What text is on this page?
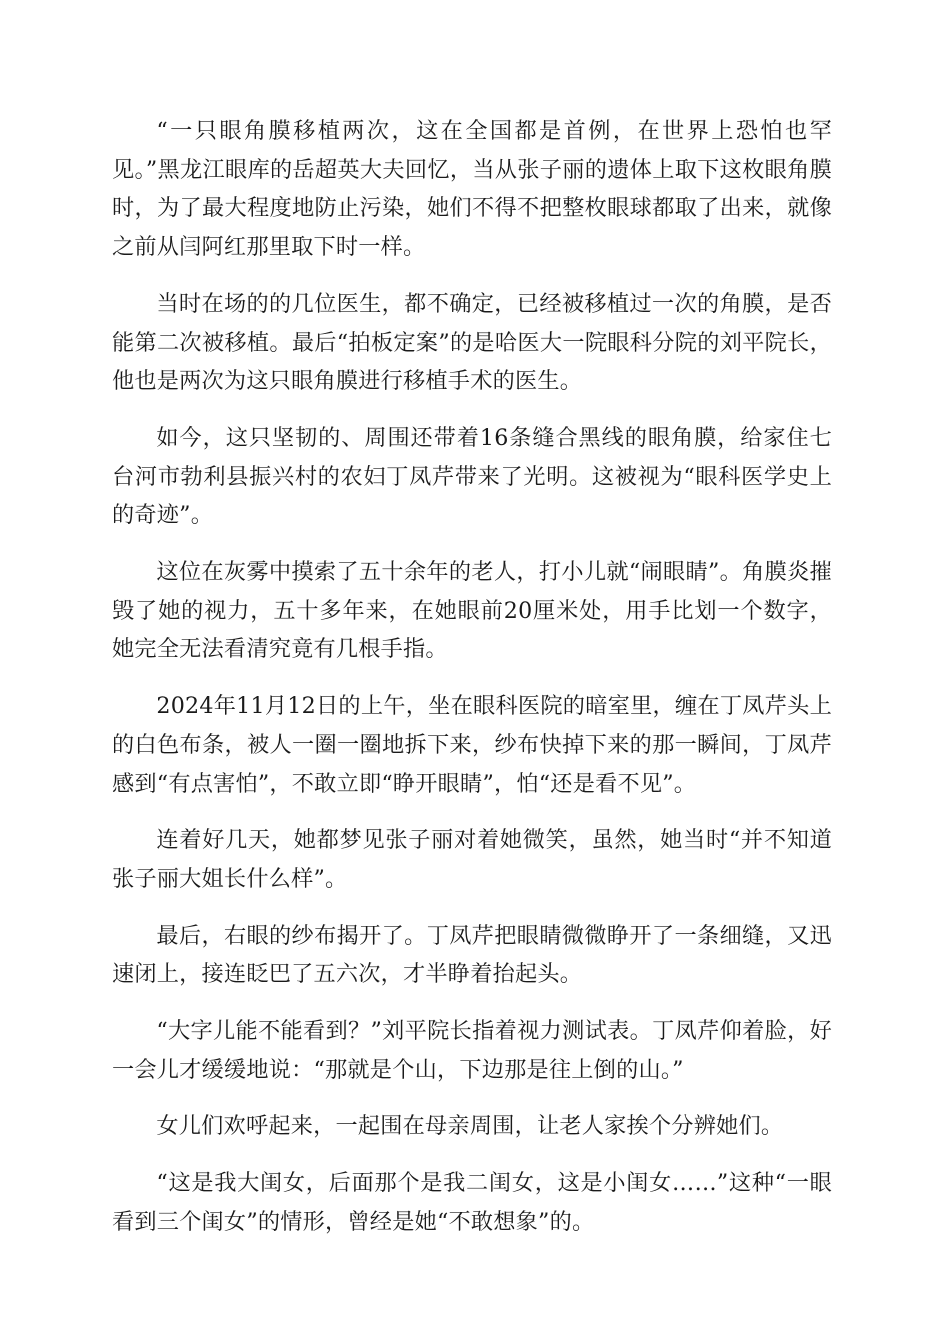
“一只眼角膜移植两次，这在全国都是首例，在世界上恐怕也罕见。”黑龙江眼库的岳超英大夫回忆，当从张子丽的遗体上取下这枚眼角膜时，为了最大程度地防止污染，她们不得不把整枚眼球都取了出来，就像之前从闫阿红那里取下时一样。

当时在场的的几位医生，都不确定，已经被移植过一次的角膜，是否能第二次被移植。最后“拍板定案”的是哈医大一院眼科分院的刘平院长，他也是两次为这只眼角膜进行移植手术的医生。

如今，这只坚韧的、周围还带着16条缝合黑线的眼角膜，给家住七台河市勃利县振兴村的农妇丁凤芹带来了光明。这被视为“眼科医学史上的奇迹”。

这位在灰雾中摸索了五十余年的老人，打小儿就“闹眼睛”。角膜炎摧毁了她的视力，五十多年来，在她眼前20厘米处，用手比划一个数字，她完全无法看清究竟有几根手指。

2024年11月12日的上午，坐在眼科医院的暗室里，缠在丁凤芹头上的白色布条，被人一圈一圈地拆下来，纱布快掉下来的那一瞬间，丁凤芹感到“有点害怕”，不敢立即“睁开眼睛”，怕“还是看不见”。

连着好几天，她都梦见张子丽对着她微笑，虽然，她当时“并不知道张子丽大姐长什么样”。

最后，右眼的纱布揭开了。丁凤芹把眼睛微微睁开了一条细缝，又迅速闭上，接连眨巴了五六次，才半睁着抬起头。

“大字儿能不能看到？”刘平院长指着视力测试表。丁凤芹仰着脸，好一会儿才缓缓地说：“那就是个山，下边那是往上倒的山。”

女儿们欢呼起来，一起围在母亲周围，让老人家挨个分辨她们。

“这是我大闺女，后面那个是我二闺女，这是小闺女……”这种“一眼看到三个闺女”的情形，曾经是她“不敢想象”的。
